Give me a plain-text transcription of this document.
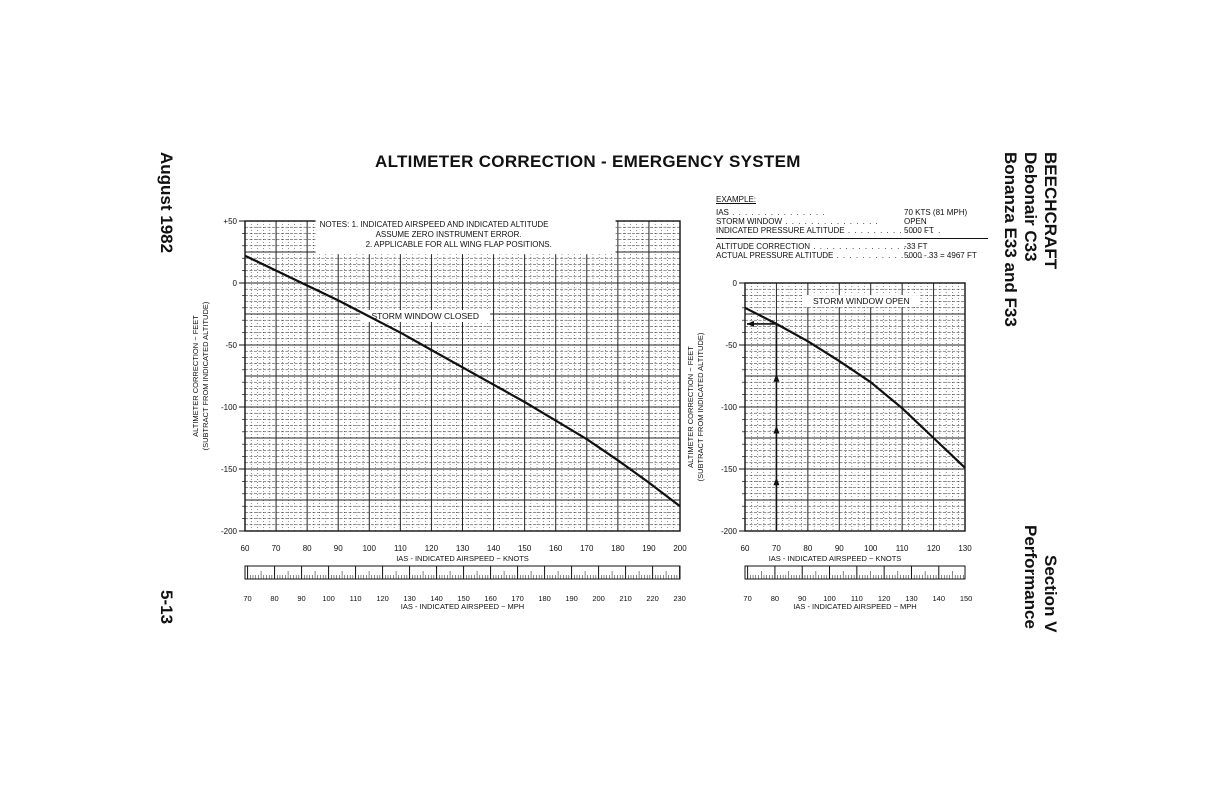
August 1982
5-13
BEECHCRAFT
Debonair C33
Bonanza E33 and F33
Section V
Performance
ALTIMETER CORRECTION - EMERGENCY SYSTEM
EXAMPLE:
IAS . . .	70 KTS (81 MPH)
STORM WINDOW . . .	OPEN
INDICATED PRESSURE ALTITUDE . . .	5000 FT
ALTITUDE CORRECTION . . .	-33 FT
ACTUAL PRESSURE ALTITUDE . . .	5000 - 33 = 4967 FT
+50
0
-50
-100
-150
-200
60	70	80	90 100 110 120 130 140 150 160 170 180 190 200
IAS - INDICATED AIRSPEED ~ KNOTS
70 80 90 100 110 120 130 140 150 160 170 180 190 200 210 220 230
IAS - INDICATED AIRSPEED ~ MPH
ALTIMETER CORRECTION ~ FEET (SUBTRACT FROM INDICATED ALTITUDE)	STORM WINDOW CLOSED
NOTES: 1. INDICATED AIRSPEED AND INDICATED ALTITUDE
ASSUME ZERO INSTRUMENT ERROR.
2. APPLICABLE FOR ALL WING FLAP POSITIONS.
0
-50
-100
-150
-200
60	70	80	90	100 110 120 130
IAS - INDICATED AIRSPEED ~ KNOTS
70	80	90 100 110 120 130 140 150
IAS - INDICATED AIRSPEED ~ MPH
ALTIMETER CORRECTION ~ FEET (SUBTRACT FROM INDICATED ALTITUDE)
STORM WINDOW OPEN
